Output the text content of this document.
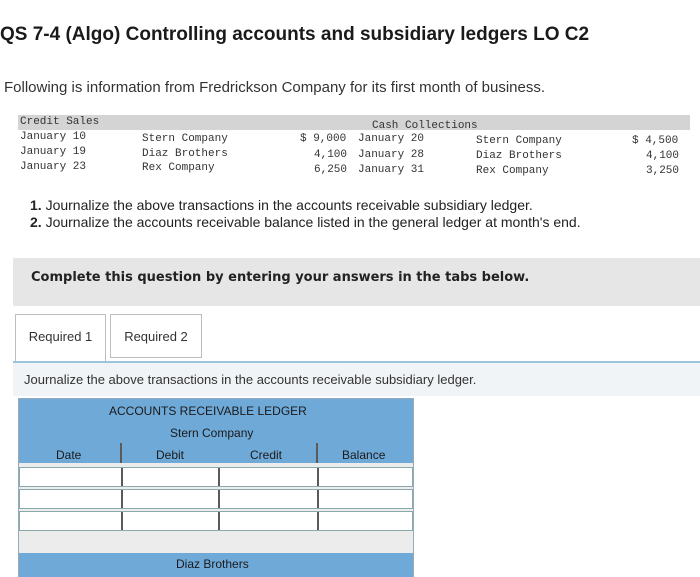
QS 7-4 (Algo) Controlling accounts and subsidiary ledgers LO C2
Following is information from Fredrickson Company for its first month of business.
Credit Sales	Cash Collections
January 10	Stern Company	$ 9,000 January 20	Stern Company	$ 4,500
January 19	Diaz Brothers	4,100 January 28	Diaz Brothers	4,100
January 23	Rex Company	6,250 January 31	Rex Company	3,250
1. Journalize the above transactions in the accounts receivable subsidiary ledger.
2. Journalize the accounts receivable balance listed in the general ledger at month's end.
Complete this question by entering your answers in the tabs below.
Required 1	Required 2
Journalize the above transactions in the accounts receivable subsidiary ledger.
ACCOUNTS RECEIVABLE LEDGER
Stern Company
Date	Debit	Credit	Balance
Diaz Brothers
